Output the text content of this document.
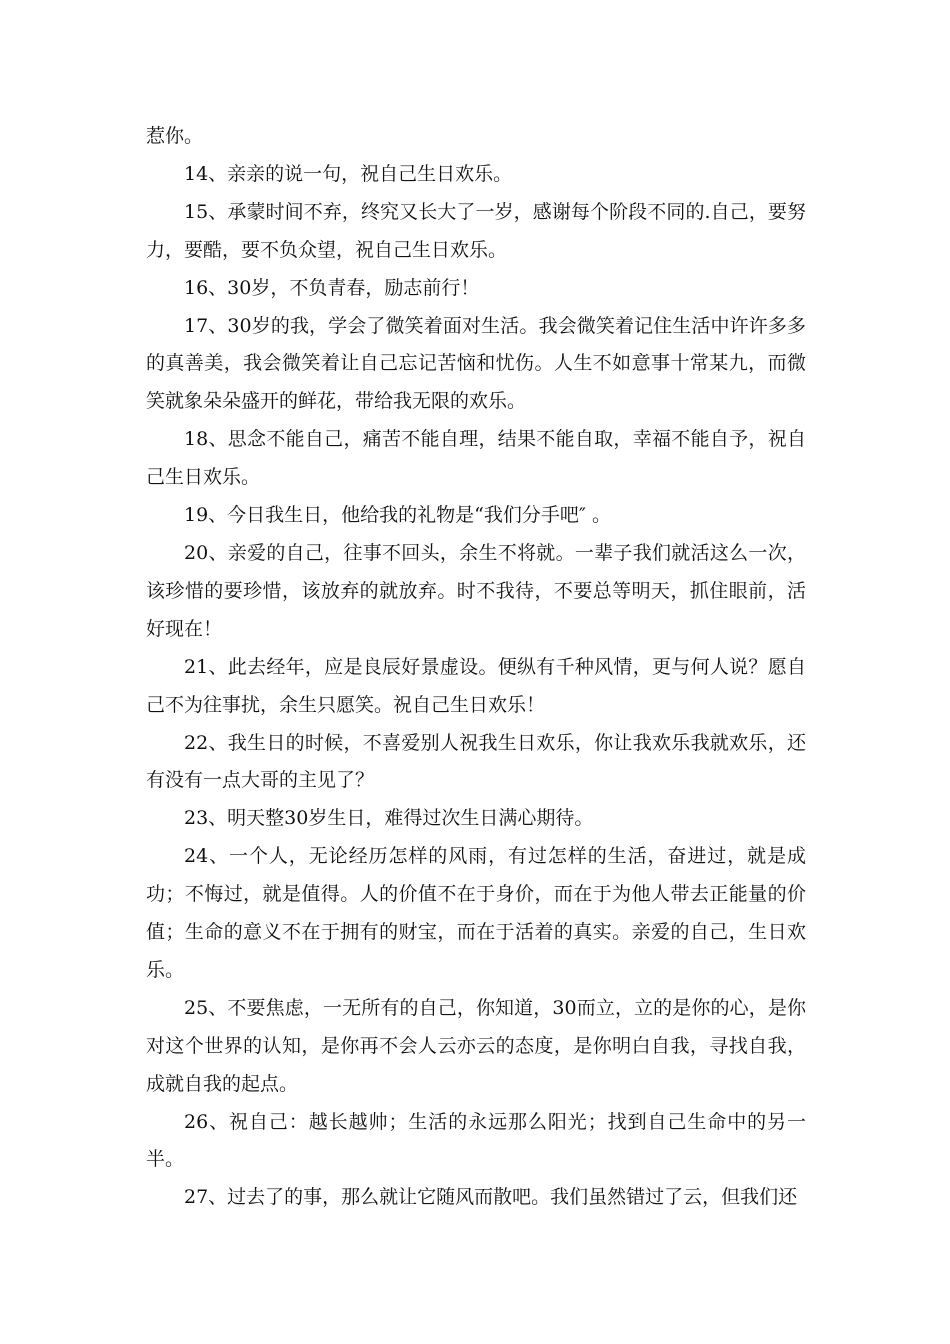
惹你。

14、亲亲的说一句，祝自己生日欢乐。

15、承蒙时间不弃，终究又长大了一岁，感谢每个阶段不同的.自己，要努力，要酷，要不负众望，祝自己生日欢乐。

16、30岁，不负青春，励志前行！

17、30岁的我，学会了微笑着面对生活。我会微笑着记住生活中许许多多的真善美，我会微笑着让自己忘记苦恼和忧伤。人生不如意事十常某九，而微笑就象朵朵盛开的鲜花，带给我无限的欢乐。

18、思念不能自己，痛苦不能自理，结果不能自取，幸福不能自予，祝自己生日欢乐。

19、今日我生日，他给我的礼物是“我们分手吧″ 。

20、亲爱的自己，往事不回头，余生不将就。一辈子我们就活这么一次，该珍惜的要珍惜，该放弃的就放弃。时不我待，不要总等明天，抓住眼前，活好现在！

21、此去经年，应是良辰好景虚设。便纵有千种风情，更与何人说？愿自己不为往事扰，余生只愿笑。祝自己生日欢乐！

22、我生日的时候，不喜爱别人祝我生日欢乐，你让我欢乐我就欢乐，还有没有一点大哥的主见了？

23、明天整30岁生日，难得过次生日满心期待。

24、一个人，无论经历怎样的风雨，有过怎样的生活，奋进过，就是成功；不悔过，就是值得。人的价值不在于身价，而在于为他人带去正能量的价值；生命的意义不在于拥有的财宝，而在于活着的真实。亲爱的自己，生日欢乐。

25、不要焦虑，一无所有的自己，你知道，30而立，立的是你的心，是你对这个世界的认知，是你再不会人云亦云的态度，是你明白自我，寻找自我，成就自我的起点。

26、祝自己：越长越帅；生活的永远那么阳光；找到自己生命中的另一半。

27、过去了的事，那么就让它随风而散吧。我们虽然错过了云，但我们还
